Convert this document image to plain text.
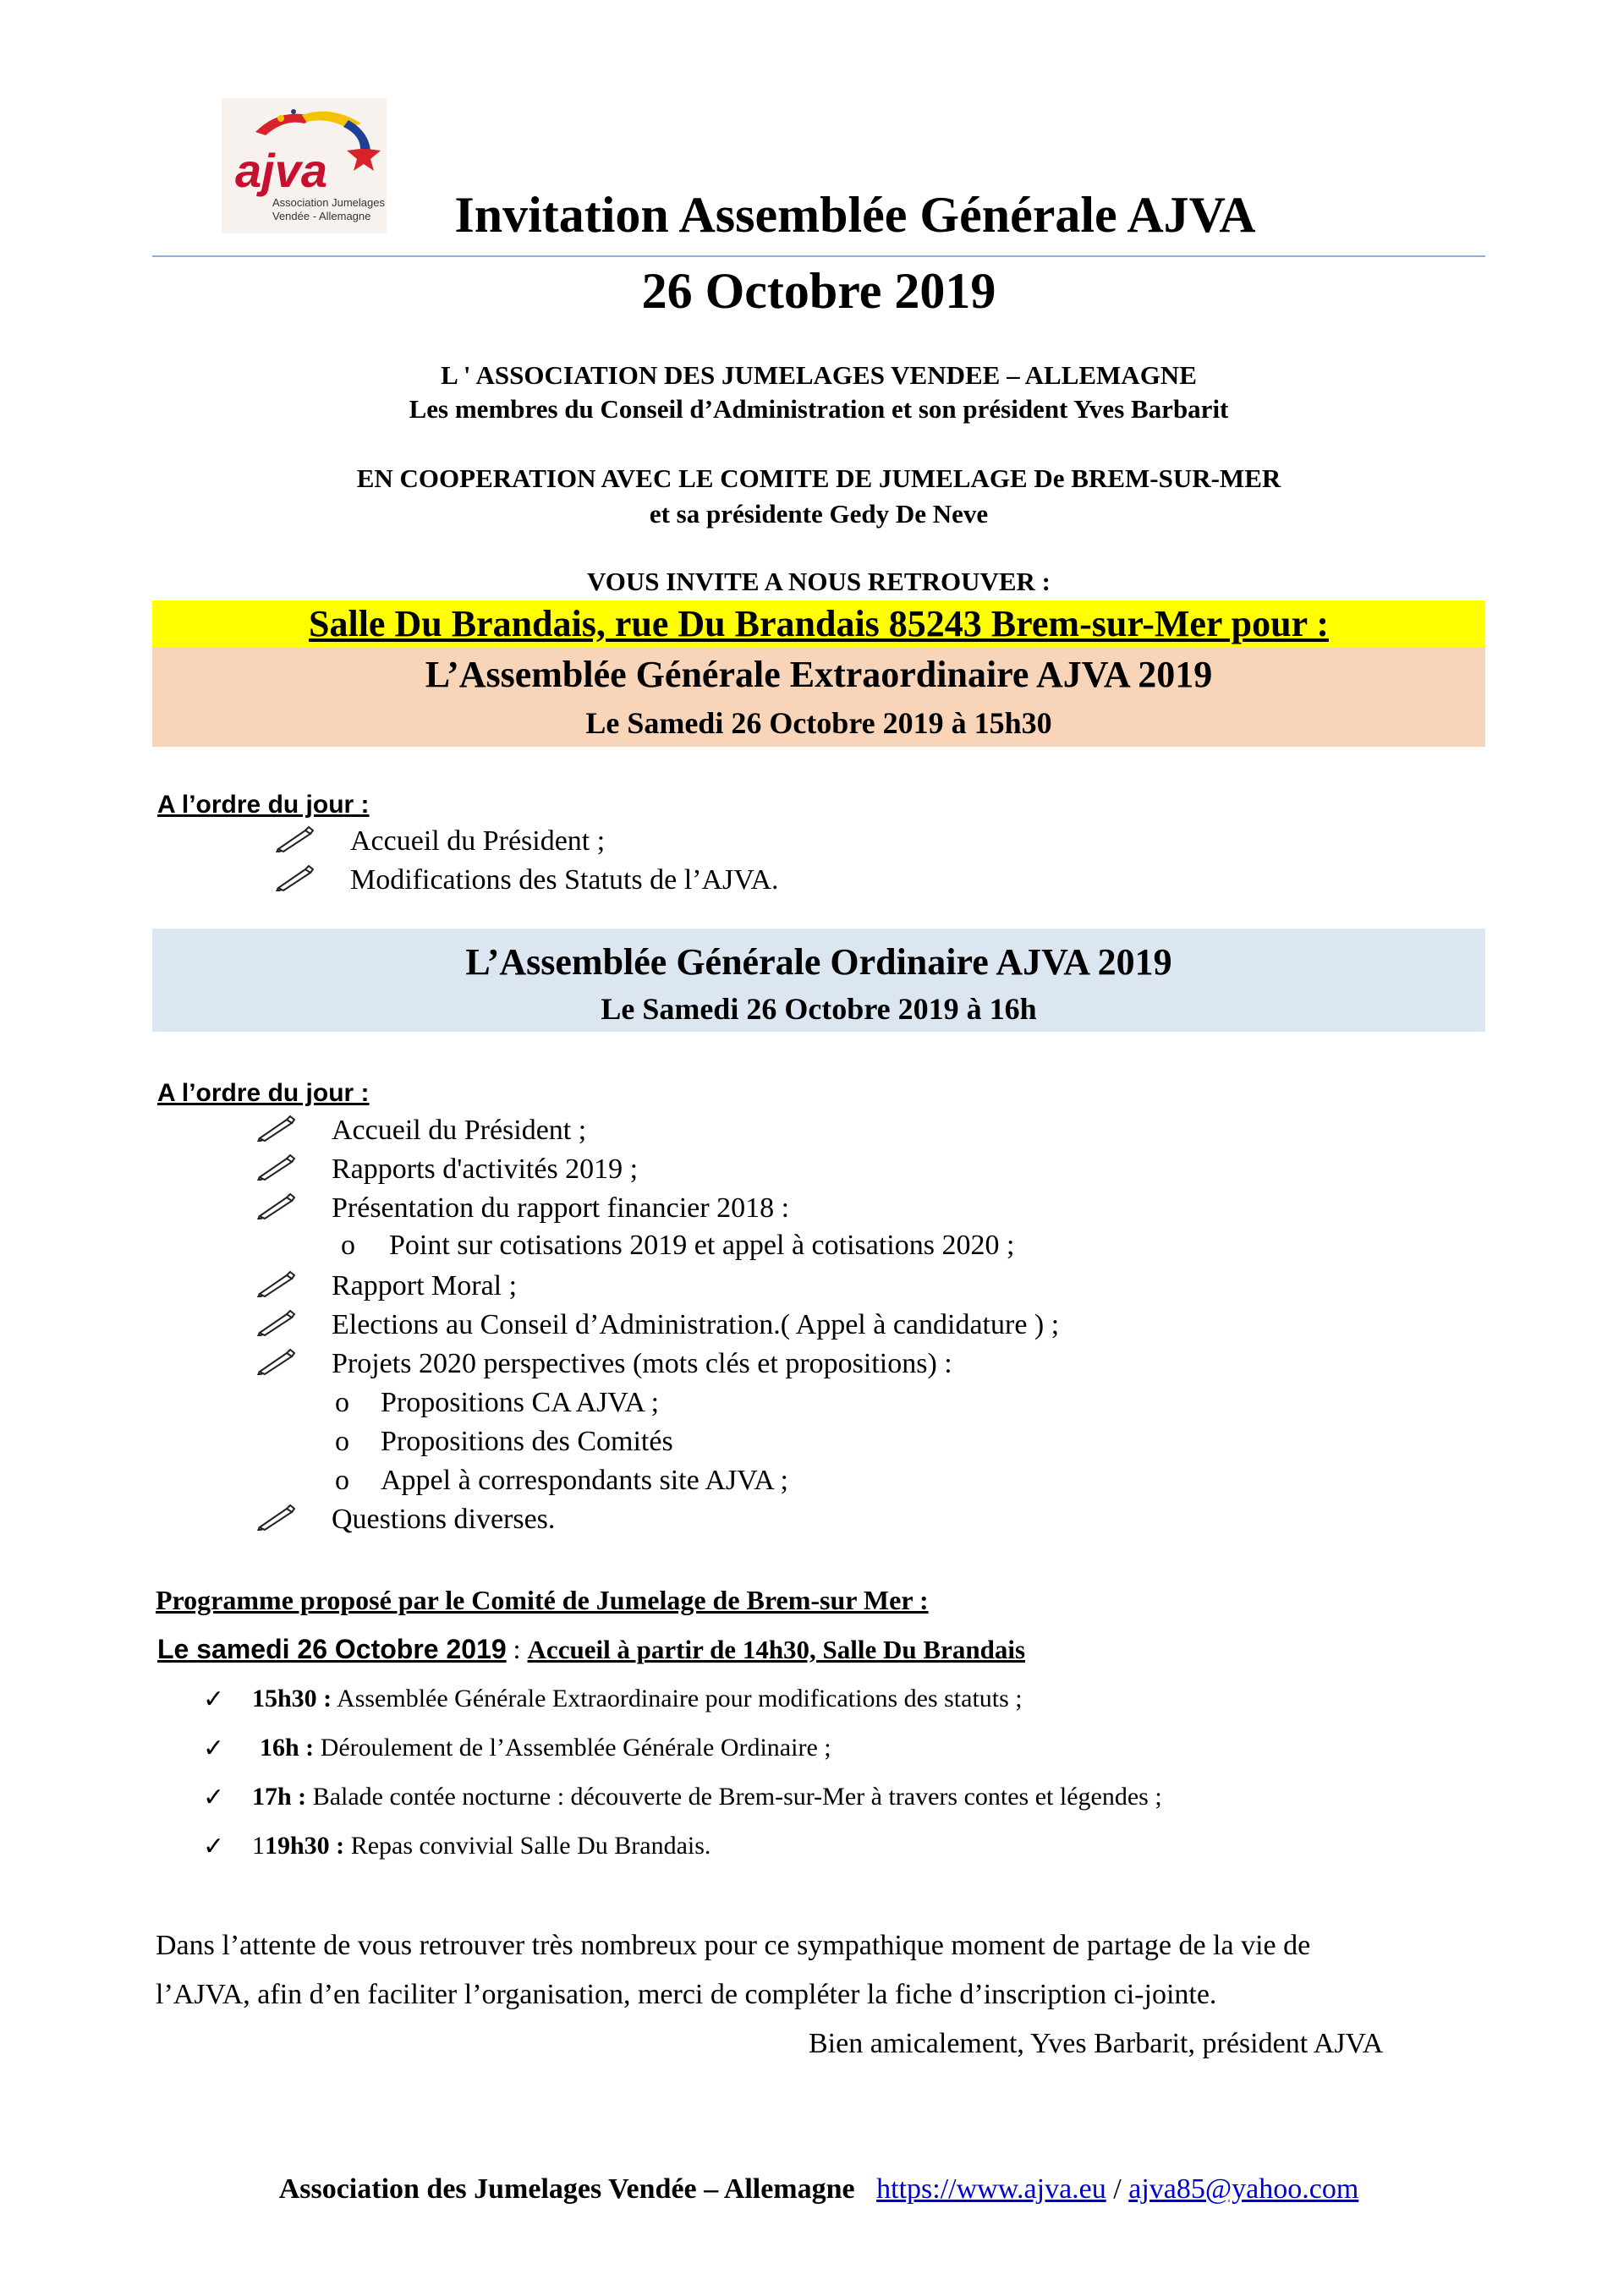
ajva
Association Jumelages
Vendée - Allemagne	Invitation Assemblée Générale AJVA
26 Octobre 2019
L ' ASSOCIATION DES JUMELAGES VENDEE – ALLEMAGNE
Les membres du Conseil d’Administration et son président Yves Barbarit
EN COOPERATION AVEC LE COMITE DE JUMELAGE De BREM-SUR-MER
et sa présidente Gedy De Neve
VOUS INVITE A NOUS RETROUVER :
Salle Du Brandais, rue Du Brandais 85243 Brem-sur-Mer pour :
L’Assemblée Générale Extraordinaire AJVA 2019
Le Samedi 26 Octobre 2019 à 15h30
A l’ordre du jour :
Accueil du Président ;
Modifications des Statuts de l’AJVA.
L’Assemblée Générale Ordinaire AJVA 2019
Le Samedi 26 Octobre 2019 à 16h
A l’ordre du jour :
Accueil du Président ;
Rapports d'activités 2019 ;
Présentation du rapport financier 2018 :
o Point sur cotisations 2019 et appel à cotisations 2020 ;
Rapport Moral ;
Elections au Conseil d’Administration.( Appel à candidature ) ;
Projets 2020 perspectives (mots clés et propositions) :
o Propositions CA AJVA ;
o Propositions des Comités
o Appel à correspondants site AJVA ;
Questions diverses.
Programme proposé par le Comité de Jumelage de Brem-sur Mer :
Le samedi 26 Octobre 2019 : Accueil à partir de 14h30, Salle Du Brandais
✓ 15h30 : Assemblée Générale Extraordinaire pour modifications des statuts ;
✓ 16h : Déroulement de l’Assemblée Générale Ordinaire ;
✓ 17h : Balade contée nocturne : découverte de Brem-sur-Mer à travers contes et légendes ;
✓ 119h30 : Repas convivial Salle Du Brandais.
Dans l’attente de vous retrouver très nombreux pour ce sympathique moment de partage de la vie de
l’AJVA, afin d’en faciliter l’organisation, merci de compléter la fiche d’inscription ci-jointe.
Bien amicalement, Yves Barbarit, président AJVA
Association des Jumelages Vendée – Allemagne https://www.ajva.eu / ajva85@yahoo.com
